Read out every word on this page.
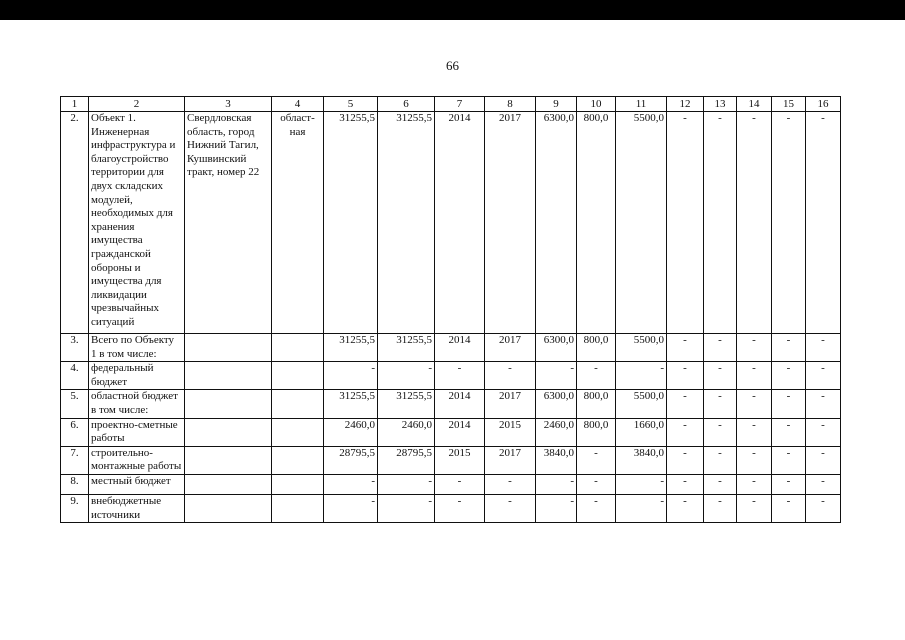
66
1	2	3	4	5	6	7	8	9	10	11	12	13	14	15	16
2.	Объект 1. Инженерная инфраструктура и благоустройство территории для двух складских модулей, необходимых для хранения имущества гражданской обороны и имущества для ликвидации чрезвычайных ситуаций	Свердловская область, город Нижний Тагил, Кушвинский тракт, номер 22	област-ная	31255,5	31255,5	2014	2017	6300,0	800,0	5500,0	-	-	-	-	-
3.	Всего по Объекту 1 в том числе:			31255,5	31255,5	2014	2017	6300,0	800,0	5500,0	-	-	-	-	-
4.	федеральный бюджет			-	-	-	-	-	-	-	-	-	-	-	-
5.	областной бюджет в том числе:			31255,5	31255,5	2014	2017	6300,0	800,0	5500,0	-	-	-	-	-
6.	проектно-сметные работы			2460,0	2460,0	2014	2015	2460,0	800,0	1660,0	-	-	-	-	-
7.	строительно-монтажные работы			28795,5	28795,5	2015	2017	3840,0	-	3840,0	-	-	-	-	-
8.	местный бюджет			-	-	-	-	-	-	-	-	-	-	-	-
9.	внебюджетные источники			-	-	-	-	-	-	-	-	-	-	-	-
